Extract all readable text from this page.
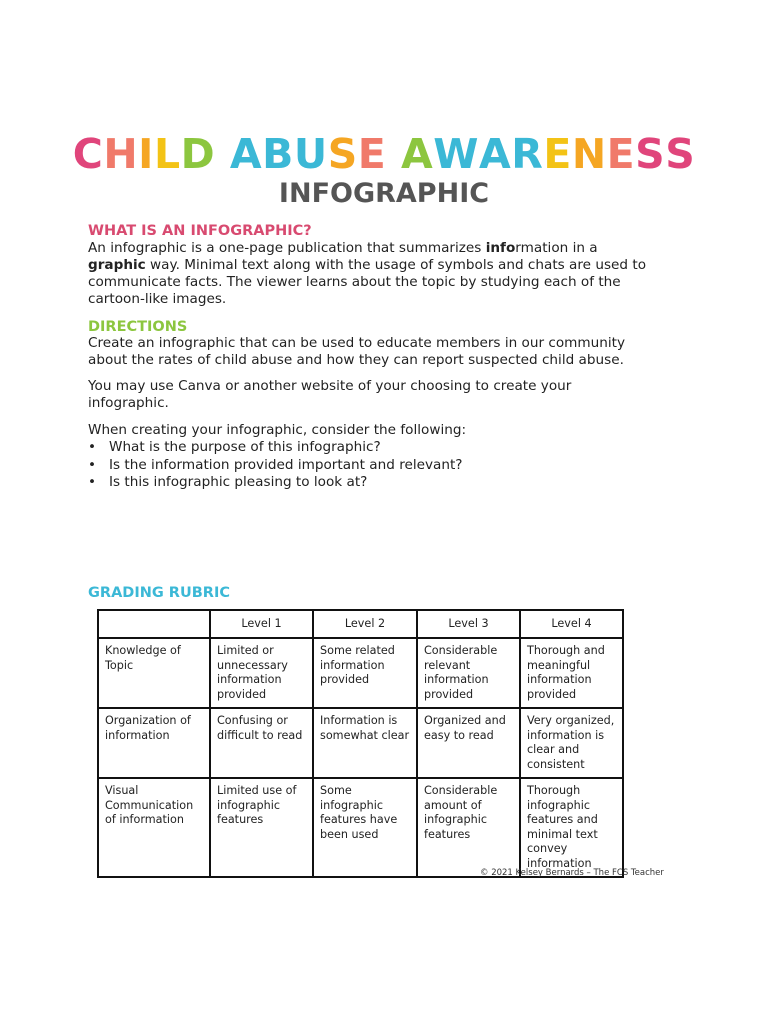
CHILD ABUSE AWARENESS
INFOGRAPHIC
WHAT IS AN INFOGRAPHIC?
An infographic is a one-page publication that summarizes information in a graphic way. Minimal text along with the usage of symbols and chats are used to communicate facts. The viewer learns about the topic by studying each of the cartoon-like images.
DIRECTIONS
Create an infographic that can be used to educate members in our community about the rates of child abuse and how they can report suspected child abuse.
You may use Canva or another website of your choosing to create your infographic.
When creating your infographic, consider the following:
• What is the purpose of this infographic?
• Is the information provided important and relevant?
• Is this infographic pleasing to look at?
GRADING RUBRIC
	Level 1	Level 2	Level 3	Level 4
Knowledge of Topic	Limited or unnecessary information provided	Some related information provided	Considerable relevant information provided	Thorough and meaningful information provided
Organization of information	Confusing or difficult to read	Information is somewhat clear	Organized and easy to read	Very organized, information is clear and consistent
Visual Communication of information	Limited use of infographic features	Some infographic features have been used	Considerable amount of infographic features	Thorough infographic features and minimal text convey information
© 2021 Kelsey Bernards – The FCS Teacher
